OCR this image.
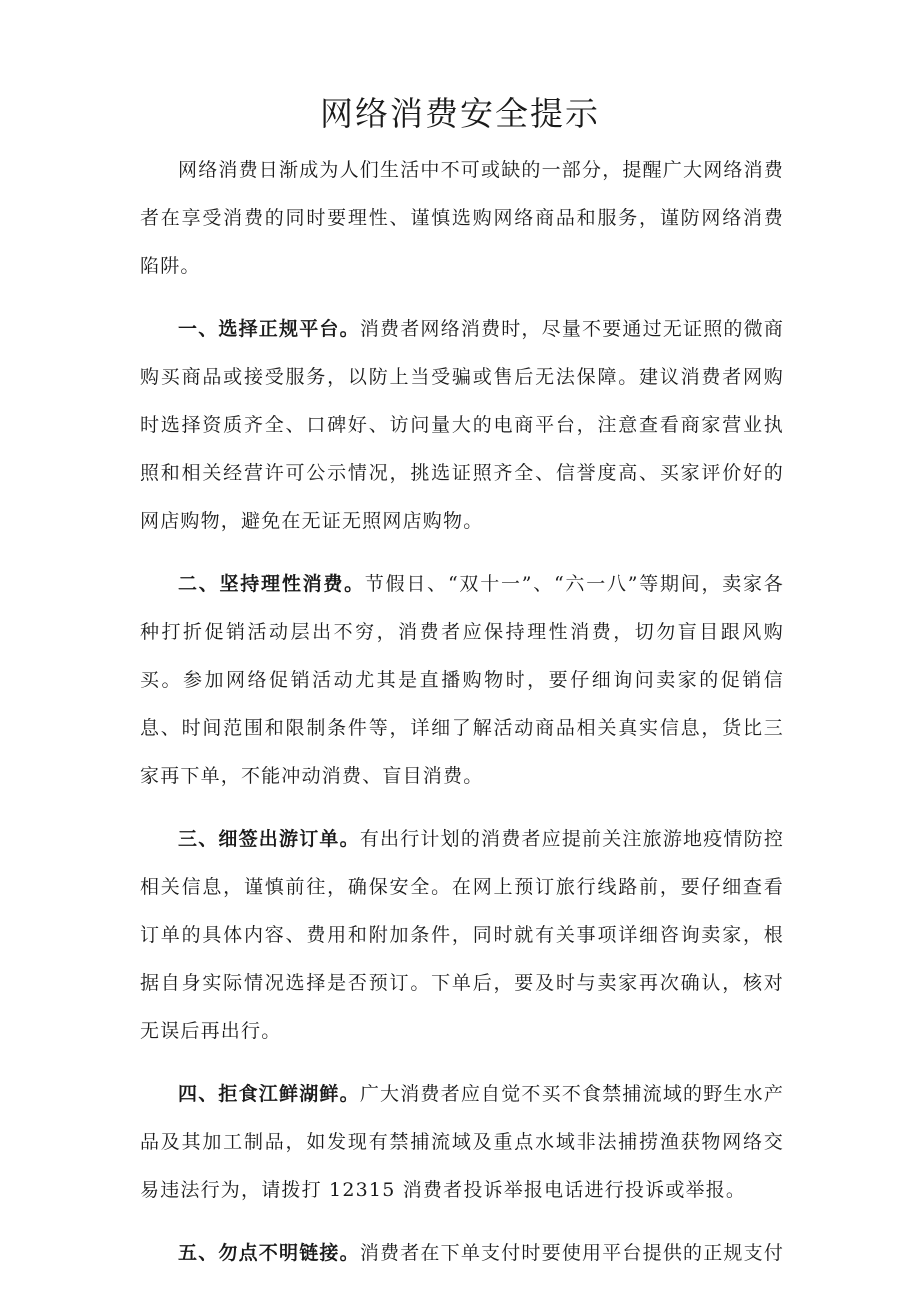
网络消费安全提示

网络消费日渐成为人们生活中不可或缺的一部分，提醒广大网络消费者在享受消费的同时要理性、谨慎选购网络商品和服务，谨防网络消费陷阱。

一、选择正规平台。消费者网络消费时，尽量不要通过无证照的微商购买商品或接受服务，以防上当受骗或售后无法保障。建议消费者网购时选择资质齐全、口碑好、访问量大的电商平台，注意查看商家营业执照和相关经营许可公示情况，挑选证照齐全、信誉度高、买家评价好的网店购物，避免在无证无照网店购物。

二、坚持理性消费。节假日、“双十一”、“六一八”等期间，卖家各种打折促销活动层出不穷，消费者应保持理性消费，切勿盲目跟风购买。参加网络促销活动尤其是直播购物时，要仔细询问卖家的促销信息、时间范围和限制条件等，详细了解活动商品相关真实信息，货比三家再下单，不能冲动消费、盲目消费。

三、细签出游订单。有出行计划的消费者应提前关注旅游地疫情防控相关信息，谨慎前往，确保安全。在网上预订旅行线路前，要仔细查看订单的具体内容、费用和附加条件，同时就有关事项详细咨询卖家，根据自身实际情况选择是否预订。下单后，要及时与卖家再次确认，核对无误后再出行。

四、拒食江鲜湖鲜。广大消费者应自觉不买不食禁捕流域的野生水产品及其加工制品，如发现有禁捕流域及重点水域非法捕捞渔获物网络交易违法行为，请拨打 12315 消费者投诉举报电话进行投诉或举报。

五、勿点不明链接。消费者在下单支付时要使用平台提供的正规支付
